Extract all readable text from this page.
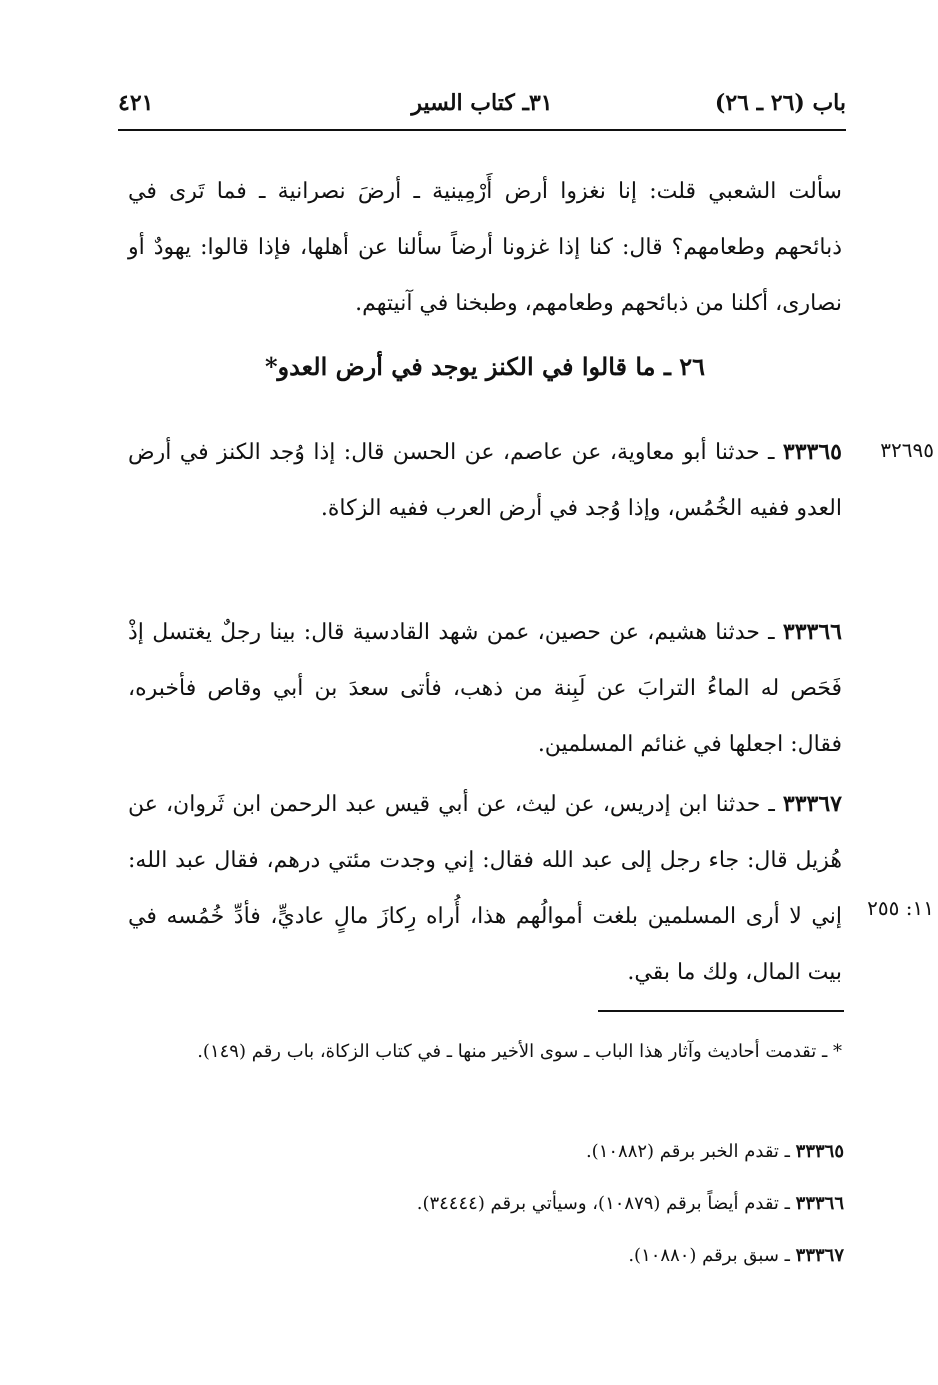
باب (٢٦ ـ ٢٦)
٣١ـ كتاب السير
٤٢١
سألت الشعبي قلت: إنا نغزوا أرض أَرْمِينية ـ أرضَ نصرانية ـ فما تَرى في ذبائحهم وطعامهم؟ قال: كنا إذا غزونا أرضاً سألنا عن أهلها، فإذا قالوا: يهودٌ أو نصارى، أكلنا من ذبائحهم وطعامهم، وطبخنا في آنيتهم.
٢٦ ـ ما قالوا في الكنز يوجد في أرض العدو*
٣٢٦٩٥
٣٣٣٦٥ ـ حدثنا أبو معاوية، عن عاصم، عن الحسن قال: إذا وُجد الكنز في أرض العدو ففيه الخُمُس، وإذا وُجد في أرض العرب ففيه الزكاة.
٣٣٣٦٦ ـ حدثنا هشيم، عن حصين، عمن شهد القادسية قال: بينا رجلٌ يغتسل إذْ فَحَص له الماءُ الترابَ عن لَبِنة من ذهب، فأتى سعدَ بن أبي وقاص فأخبره، فقال: اجعلها في غنائم المسلمين.
١١: ٢٥٥
٣٣٣٦٧ ـ حدثنا ابن إدريس، عن ليث، عن أبي قيس عبد الرحمن ابن ثَروان، عن هُزيل قال: جاء رجل إلى عبد الله فقال: إني وجدت مئتي درهم، فقال عبد الله: إني لا أرى المسلمين بلغت أموالُهم هذا، أُراه رِكازَ مالٍ عاديٍّ، فأدِّ خُمُسه في بيت المال، ولك ما بقي.
* ـ تقدمت أحاديث وآثار هذا الباب ـ سوى الأخير منها ـ في كتاب الزكاة، باب رقم (١٤٩).
٣٣٣٦٥ ـ تقدم الخبر برقم (١٠٨٨٢).
٣٣٣٦٦ ـ تقدم أيضاً برقم (١٠٨٧٩)، وسيأتي برقم (٣٤٤٤٤).
٣٣٣٦٧ ـ سبق برقم (١٠٨٨٠).
